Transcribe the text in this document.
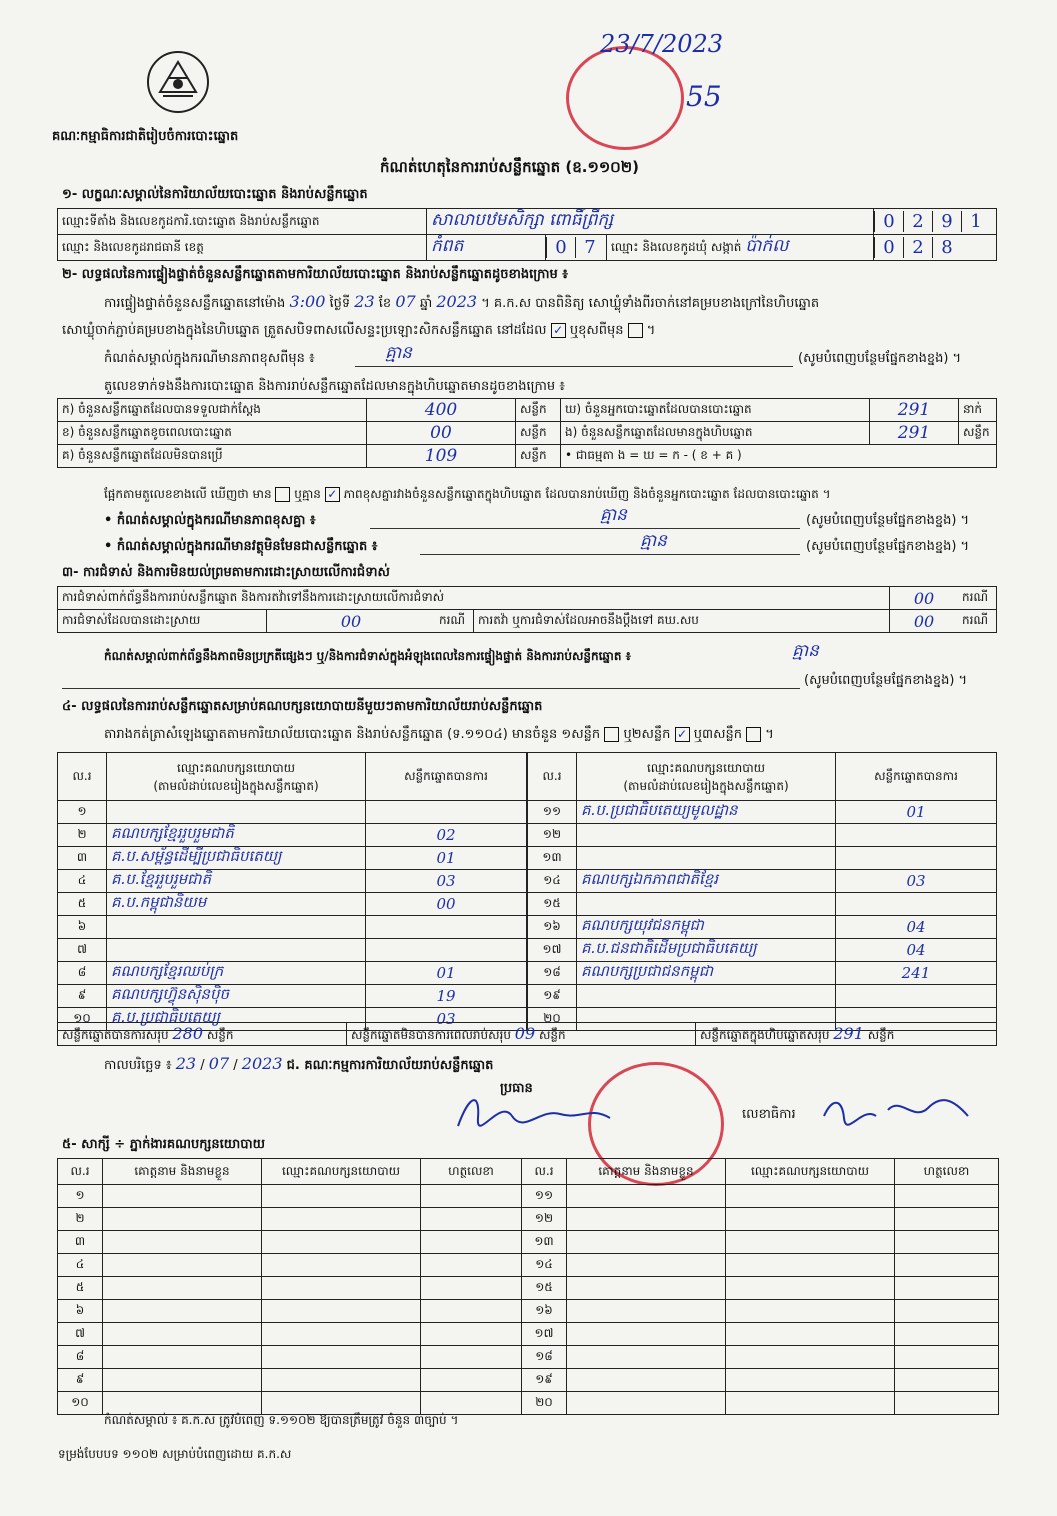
គណៈកម្មាធិការជាតិរៀបចំការបោះឆ្នោត
23/7/2023
55
កំណត់ហេតុនៃការរាប់សន្លឹកឆ្នោត (ឧ.១១០២)
១- លក្ខណៈសម្គាល់នៃការិយាល័យបោះឆ្នោត និងរាប់សន្លឹកឆ្នោត
ឈ្មោះទីតាំង និងលេខកូដការិ.បោះឆ្នោត និងរាប់សន្លឹកឆ្នោត	សាលាបឋមសិក្សា ពោធិ៍ព្រឹក្ស			0 2 9 1
ឈ្មោះ និងលេខកូដរាជធានី ខេត្ត	កំពត	0 7	ឈ្មោះ និងលេខកូដឃុំ សង្កាត់ ប៉ាក់ល	0 2 8
២- លទ្ធផលនៃការផ្ទៀងផ្ទាត់ចំនួនសន្លឹកឆ្នោតតាមការិយាល័យបោះឆ្នោត និងរាប់សន្លឹកឆ្នោតដូចខាងក្រោម ៖
ការផ្ទៀងផ្ទាត់ចំនួនសន្លឹកឆ្នោតនៅម៉ោង 3:00 ថ្ងៃទី 23 ខែ 07 ឆ្នាំ 2023 ។ គ.ក.ស បានពិនិត្យ សោឃ្លុំទាំងពីរចាក់នៅគម្របខាងក្រៅនៃហិបឆ្នោត
សោឃ្លុំចាក់ភ្ជាប់គម្របខាងក្នុងនៃហិបឆ្នោត ត្រួតសបិទពាសលើសន្ទះប្រឡោះសិកសន្លឹកឆ្នោត នៅដដែល ✓ ឬខុសពីមុន  ។
កំណត់សម្គាល់ក្នុងករណីមានភាពខុសពីមុន ៖	គ្មាន	(សូមបំពេញបន្ថែមផ្នែកខាងខ្នង) ។
តួលេខទាក់ទងនឹងការបោះឆ្នោត និងការរាប់សន្លឹកឆ្នោតដែលមានក្នុងហិបឆ្នោតមានដូចខាងក្រោម ៖
ក) ចំនួនសន្លឹកឆ្នោតដែលបានទទួលជាក់ស្តែង	400	សន្លឹក	ឃ) ចំនួនអ្នកបោះឆ្នោតដែលបានបោះឆ្នោត	291	នាក់
ខ) ចំនួនសន្លឹកឆ្នោតខូចពេលបោះឆ្នោត	00	សន្លឹក	ង) ចំនួនសន្លឹកឆ្នោតដែលមានក្នុងហិបឆ្នោត	291	សន្លឹក
គ) ចំនួនសន្លឹកឆ្នោតដែលមិនបានប្រើ	109	សន្លឹក	• ជាធម្មតា ង = ឃ = ក - ( ខ + គ )		
ផ្អែកតាមតួលេខខាងលើ ឃើញថា មាន ឬគ្មាន ✓ ភាពខុសគ្នារវាងចំនួនសន្លឹកឆ្នោតក្នុងហិបឆ្នោត ដែលបានរាប់ឃើញ និងចំនួនអ្នកបោះឆ្នោត ដែលបានបោះឆ្នោត ។
• កំណត់សម្គាល់ក្នុងករណីមានភាពខុសគ្នា ៖	គ្មាន	(សូមបំពេញបន្ថែមផ្នែកខាងខ្នង) ។
• កំណត់សម្គាល់ក្នុងករណីមានវត្ថុមិនមែនជាសន្លឹកឆ្នោត ៖	គ្មាន	(សូមបំពេញបន្ថែមផ្នែកខាងខ្នង) ។
៣- ការជំទាស់ និងការមិនយល់ព្រមតាមការដោះស្រាយលើការជំទាស់
ការជំទាស់ពាក់ព័ន្ធនឹងការរាប់សន្លឹកឆ្នោត និងការតវ៉ាទៅនឹងការដោះស្រាយលើការជំទាស់				00	ករណី
ការជំទាស់ដែលបានដោះស្រាយ	00	ករណី	ការតវ៉ា ឬការជំទាស់ដែលអាចនឹងប្ដឹងទៅ គឃ.សប	00	ករណី
កំណត់សម្គាល់ពាក់ព័ន្ធនឹងភាពមិនប្រក្រតីផ្សេងៗ ឬ/និងការជំទាស់ក្នុងអំឡុងពេលនៃការផ្ទៀងផ្ទាត់ និងការរាប់សន្លឹកឆ្នោត ៖	គ្មាន
(សូមបំពេញបន្ថែមផ្នែកខាងខ្នង) ។
៤- លទ្ធផលនៃការរាប់សន្លឹកឆ្នោតសម្រាប់គណបក្សនយោបាយនីមួយៗតាមការិយាល័យរាប់សន្លឹកឆ្នោត
តារាងកត់ត្រាសំឡេងឆ្នោតតាមការិយាល័យបោះឆ្នោត និងរាប់សន្លឹកឆ្នោត (ទ.១១០៤) មានចំនួន ១សន្លឹក ឬ២សន្លឹក ✓ ឬ៣សន្លឹក  ។
ល.រ	ឈ្មោះគណបក្សនយោបាយ
(តាមលំដាប់លេខរៀងក្នុងសន្លឹកឆ្នោត)	សន្លឹកឆ្នោតបានការ
១		
២	គណបក្សខ្មែររួបរួមជាតិ	02
៣	គ.ប.សម្ព័ន្ធដើម្បីប្រជាធិបតេយ្យ	01
៤	គ.ប.ខ្មែររួបរួមជាតិ	03
៥	គ.ប.កម្ពុជានិយម	00
៦		
៧		
៨	គណបក្សខ្មែរឈប់ក្រ	01
៩	គណបក្សហ៊្វុនស៊ិនប៉ិច	19
១០	គ.ប.ប្រជាធិបតេយ្យ	03
ល.រ	ឈ្មោះគណបក្សនយោបាយ
(តាមលំដាប់លេខរៀងក្នុងសន្លឹកឆ្នោត)	សន្លឹកឆ្នោតបានការ
១១	គ.ប.ប្រជាធិបតេយ្យមូលដ្ឋាន	01
១២		
១៣		
១៤	គណបក្សឯកភាពជាតិខ្មែរ	03
១៥		
១៦	គណបក្សយុវជនកម្ពុជា	04
១៧	គ.ប.ជនជាតិដើមប្រជាធិបតេយ្យ	04
១៨	គណបក្សប្រជាជនកម្ពុជា	241
១៩		
២០		
សន្លឹកឆ្នោតបានការសរុប 280 សន្លឹក	សន្លឹកឆ្នោតមិនបានការពេលរាប់សរុប 09 សន្លឹក	សន្លឹកឆ្នោតក្នុងហិបឆ្នោតសរុប 291 សន្លឹក
កាលបរិច្ឆេទ ៖ 23 / 07 / 2023 ជ. គណៈកម្មការការិយាល័យរាប់សន្លឹកឆ្នោត
ប្រធាន
លេខាធិការ
៥- សាក្សី ÷ ភ្នាក់ងារគណបក្សនយោបាយ
ល.រ	គោត្តនាម និងនាមខ្លួន	ឈ្មោះគណបក្សនយោបាយ	ហត្ថលេខា	ល.រ	គោត្តនាម និងនាមខ្លួន	ឈ្មោះគណបក្សនយោបាយ	ហត្ថលេខា
១				១១			
២				១២			
៣				១៣			
៤				១៤			
៥				១៥			
៦				១៦			
៧				១៧			
៨				១៨			
៩				១៩			
១០				២០			
កំណត់សម្គាល់ ៖ គ.ក.ស ត្រូវបំពេញ ទ.១១០២ ឱ្យបានត្រឹមត្រូវ ចំនួន ៣ច្បាប់ ។
ទម្រង់បែបបទ ១១០២ សម្រាប់បំពេញដោយ គ.ក.ស
